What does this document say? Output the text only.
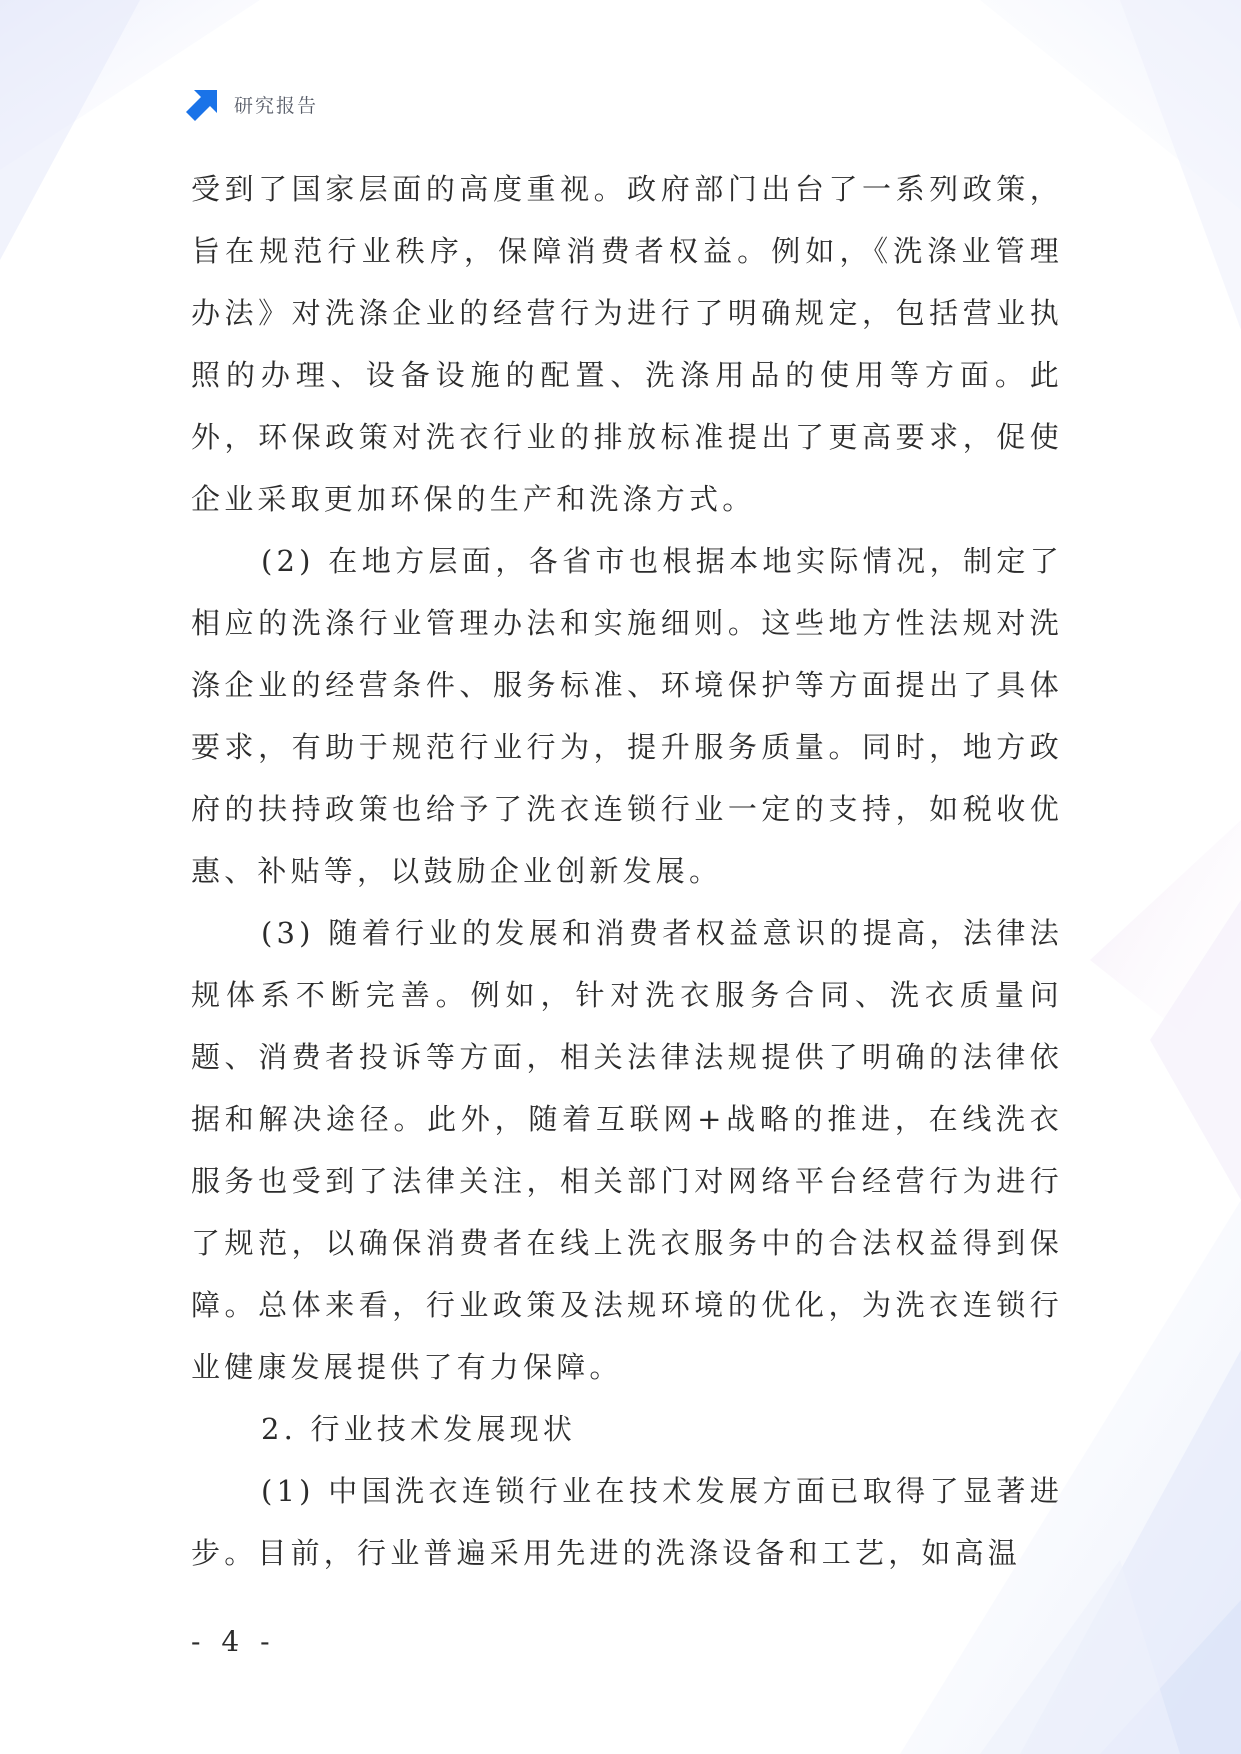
研究报告

受到了国家层面的高度重视。政府部门出台了一系列政策，旨在规范行业秩序，保障消费者权益。例如，《洗涤业管理办法》对洗涤企业的经营行为进行了明确规定，包括营业执照的办理、设备设施的配置、洗涤用品的使用等方面。此外，环保政策对洗衣行业的排放标准提出了更高要求，促使企业采取更加环保的生产和洗涤方式。

(2) 在地方层面，各省市也根据本地实际情况，制定了相应的洗涤行业管理办法和实施细则。这些地方性法规对洗涤企业的经营条件、服务标准、环境保护等方面提出了具体要求，有助于规范行业行为，提升服务质量。同时，地方政府的扶持政策也给予了洗衣连锁行业一定的支持，如税收优惠、补贴等，以鼓励企业创新发展。

(3) 随着行业的发展和消费者权益意识的提高，法律法规体系不断完善。例如，针对洗衣服务合同、洗衣质量问题、消费者投诉等方面，相关法律法规提供了明确的法律依据和解决途径。此外，随着互联网+战略的推进，在线洗衣服务也受到了法律关注，相关部门对网络平台经营行为进行了规范，以确保消费者在线上洗衣服务中的合法权益得到保障。总体来看，行业政策及法规环境的优化，为洗衣连锁行业健康发展提供了有力保障。

2. 行业技术发展现状

(1) 中国洗衣连锁行业在技术发展方面已取得了显著进步。目前，行业普遍采用先进的洗涤设备和工艺，如高温

- 4 -
